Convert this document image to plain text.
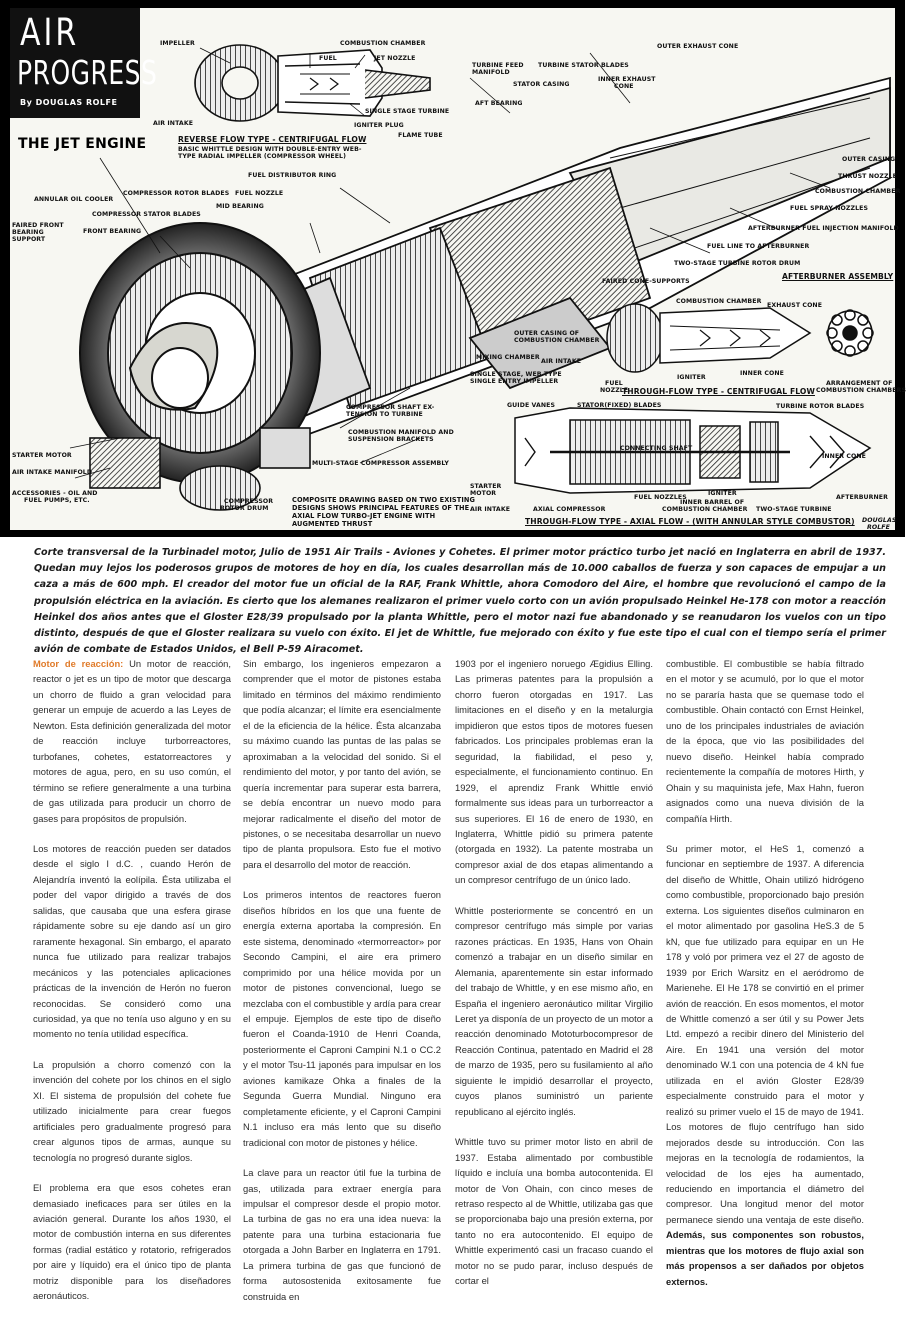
IMPELLER
FUEL
COMBUSTION CHAMBER
JET NOZZLE
AIR INTAKE
SINGLE STAGE TURBINE
IGNITER PLUG
FLAME TUBE
REVERSE FLOW TYPE - CENTRIFUGAL FLOW
BASIC WHITTLE DESIGN WITH DOUBLE-ENTRY WEB-
TYPE RADIAL IMPELLER (COMPRESSOR WHEEL)
TURBINE FEED
MANIFOLD
TURBINE STATOR BLADES
STATOR CASING
INNER EXHAUST
CONE
OUTER EXHAUST CONE
AFT BEARING
OUTER CASING
THRUST NOZZLE
COMBUSTION CHAMBER
FUEL SPRAY NOZZLES
AFTERBURNER FUEL INJECTION MANIFOLD
FUEL LINE TO AFTERBURNER
TWO-STAGE TURBINE ROTOR DRUM
FAIRED CONE-SUPPORTS
AFTERBURNER ASSEMBLY
FUEL DISTRIBUTOR RING
COMPRESSOR ROTOR BLADES FUEL NOZZLE
MID BEARING
ANNULAR OIL COOLER
COMPRESSOR STATOR BLADES
FAIRED FRONT
BEARING
SUPPORT
FRONT BEARING
COMBUSTION CHAMBER
EXHAUST CONE
OUTER CASING OF
COMBUSTION CHAMBER
MIXING CHAMBER
AIR INTAKE
SINGLE STAGE, WEB TYPE
SINGLE ENTRY IMPELLER	FUEL
NOZZLE
IGNITER
INNER CONE
ARRANGEMENT OF
COMBUSTION CHAMBERS
THROUGH-FLOW TYPE - CENTRIFUGAL FLOW
COMPRESSOR SHAFT EX-
TENSION TO TURBINE
COMBUSTION MANIFOLD AND
SUSPENSION BRACKETS
MULTI-STAGE COMPRESSOR ASSEMBLY
STARTER MOTOR
AIR INTAKE MANIFOLD
ACCESSORIES - OIL AND
FUEL PUMPS, ETC.	COMPRESSOR
ROTOR DRUM
COMPOSITE DRAWING BASED ON TWO EXISTING DESIGNS SHOWS PRINCIPAL FEATURES OF THE AXIAL FLOW TURBO-JET ENGINE WITH AUGMENTED THRUST
GUIDE VANES	STATOR(FIXED) BLADES	TURBINE ROTOR BLADES
CONNECTING SHAFT
INNER CONE
STARTER
MOTOR
FUEL NOZZLES
IGNITER
AIR INTAKE	AXIAL COMPRESSOR
INNER BARREL OF
COMBUSTION CHAMBER TWO-STAGE TURBINE
AFTERBURNER
THROUGH-FLOW TYPE - AXIAL FLOW - (WITH ANNULAR STYLE COMBUSTOR) DOUGLAS
ROLFE
AIR
PROGRESS
By DOUGLAS ROLFE
THE JET ENGINE

Corte transversal de la Turbinadel motor, Julio de 1951 Air Trails - Aviones y Cohetes. El primer motor práctico turbo jet nació en Inglaterra en abril de 1937. Quedan muy lejos los poderosos grupos de motores de hoy en día, los cuales desarrollan más de 10.000 caballos de fuerza y son capaces de empujar a un caza a más de 600 mph. El creador del motor fue un oficial de la RAF, Frank Whittle, ahora Comodoro del Aire, el hombre que revolucionó el campo de la propulsión eléctrica en la aviación. Es cierto que los alemanes realizaron el primer vuelo corto con un avión propulsado Heinkel He-178 con motor a reacción Heinkel dos años antes que el Gloster E28/39 propulsado por la planta Whittle, pero el motor nazi fue abandonado y se reanudaron los vuelos con un tipo distinto, después de que el Gloster realizara su vuelo con éxito. El jet de Whittle, fue mejorado con éxito y fue este tipo el cual con el tiempo sería el primer avión de combate de Estados Unidos, el Bell P-59 Airacomet.

Motor de reacción: Un motor de reacción, reactor o jet es un tipo de motor que descarga un chorro de fluido a gran velocidad para generar un empuje de acuerdo a las Leyes de Newton. Esta definición generalizada del motor de reacción incluye turborreactores, turbofanes, cohetes, estatorreactores y motores de agua, pero, en su uso común, el término se refiere generalmente a una turbina de gas utilizada para producir un chorro de gases para propósitos de propulsión.

Los motores de reacción pueden ser datados desde el siglo I d.C. , cuando Herón de Alejandría inventó la eolípila. Ésta utilizaba el poder del vapor dirigido a través de dos salidas, que causaba que una esfera girase rápidamente sobre su eje dando así un giro raramente hexagonal. Sin embargo, el aparato nunca fue utilizado para realizar trabajos mecánicos y las potenciales aplicaciones prácticas de la invención de Herón no fueron reconocidas. Se consideró como una curiosidad, ya que no tenía uso alguno y en su momento no tenía utilidad específica.

La propulsión a chorro comenzó con la invención del cohete por los chinos en el siglo XI. El sistema de propulsión del cohete fue utilizado inicialmente para crear fuegos artificiales pero gradualmente progresó para crear algunos tipos de armas, aunque su tecnología no progresó durante siglos.

El problema era que esos cohetes eran demasiado ineficaces para ser útiles en la aviación general. Durante los años 1930, el motor de combustión interna en sus diferentes formas (radial estático y rotatorio, refrigerados por aire y líquido) era el único tipo de planta motriz disponible para los diseñadores aeronáuticos.

Sin embargo, los ingenieros empezaron a comprender que el motor de pistones estaba limitado en términos del máximo rendimiento que podía alcanzar; el límite era esencialmente el de la eficiencia de la hélice. Ésta alcanzaba su máximo cuando las puntas de las palas se aproximaban a la velocidad del sonido. Si el rendimiento del motor, y por tanto del avión, se quería incrementar para superar esta barrera, se debía encontrar un nuevo modo para mejorar radicalmente el diseño del motor de pistones, o se necesitaba desarrollar un nuevo tipo de planta propulsora. Esto fue el motivo para el desarrollo del motor de reacción.

Los primeros intentos de reactores fueron diseños híbridos en los que una fuente de energía externa aportaba la compresión. En este sistema, denominado «termorreactor» por Secondo Campini, el aire era primero comprimido por una hélice movida por un motor de pistones convencional, luego se mezclaba con el combustible y ardía para crear el empuje. Ejemplos de este tipo de diseño fueron el Coanda-1910 de Henri Coanda, posteriormente el Caproni Campini N.1 o CC.2 y el motor Tsu-11 japonés para impulsar en los aviones kamikaze Ohka a finales de la Segunda Guerra Mundial. Ninguno era completamente eficiente, y el Caproni Campini N.1 incluso era más lento que su diseño tradicional con motor de pistones y hélice.

La clave para un reactor útil fue la turbina de gas, utilizada para extraer energía para impulsar el compresor desde el propio motor. La turbina de gas no era una idea nueva: la patente para una turbina estacionaria fue otorgada a John Barber en Inglaterra en 1791. La primera turbina de gas que funcionó de forma autosostenida exitosamente fue construida en

1903 por el ingeniero noruego Ægidius Elling. Las primeras patentes para la propulsión a chorro fueron otorgadas en 1917. Las limitaciones en el diseño y en la metalurgia impidieron que estos tipos de motores fuesen fabricados. Los principales problemas eran la seguridad, la fiabilidad, el peso y, especialmente, el funcionamiento continuo. En 1929, el aprendiz Frank Whittle envió formalmente sus ideas para un turborreactor a sus superiores. El 16 de enero de 1930, en Inglaterra, Whittle pidió su primera patente (otorgada en 1932). La patente mostraba un compresor axial de dos etapas alimentando a un compresor centrífugo de un único lado.

Whittle posteriormente se concentró en un compresor centrífugo más simple por varias razones prácticas. En 1935, Hans von Ohain comenzó a trabajar en un diseño similar en Alemania, aparentemente sin estar informado del trabajo de Whittle, y en ese mismo año, en España el ingeniero aeronáutico militar Virgilio Leret ya disponía de un proyecto de un motor a reacción denominado Mototurbocompresor de Reacción Continua, patentado en Madrid el 28 de marzo de 1935, pero su fusilamiento al año siguiente le impidió desarrollar el proyecto, cuyos planos suministró un pariente republicano al ejército inglés.

Whittle tuvo su primer motor listo en abril de 1937. Estaba alimentado por combustible líquido e incluía una bomba autocontenida. El motor de Von Ohain, con cinco meses de retraso respecto al de Whittle, utilizaba gas que se proporcionaba bajo una presión externa, por tanto no era autocontenido. El equipo de Whittle experimentó casi un fracaso cuando el motor no se pudo parar, incluso después de cortar el

combustible. El combustible se había filtrado en el motor y se acumuló, por lo que el motor no se pararía hasta que se quemase todo el combustible. Ohain contactó con Ernst Heinkel, uno de los principales industriales de aviación de la época, que vio las posibilidades del nuevo diseño. Heinkel había comprado recientemente la compañía de motores Hirth, y Ohain y su maquinista jefe, Max Hahn, fueron asignados como una nueva división de la compañía Hirth.

Su primer motor, el HeS 1, comenzó a funcionar en septiembre de 1937. A diferencia del diseño de Whittle, Ohain utilizó hidrógeno como combustible, proporcionado bajo presión externa. Los siguientes diseños culminaron en el motor alimentado por gasolina HeS.3 de 5 kN, que fue utilizado para equipar en un He 178 y voló por primera vez el 27 de agosto de 1939 por Erich Warsitz en el aeródromo de Marienehe. El He 178 se convirtió en el primer avión de reacción. En esos momentos, el motor de Whittle comenzó a ser útil y su Power Jets Ltd. empezó a recibir dinero del Ministerio del Aire. En 1941 una versión del motor denominado W.1 con una potencia de 4 kN fue utilizada en el avión Gloster E28/39 especialmente construido para el motor y realizó su primer vuelo el 15 de mayo de 1941. Los motores de flujo centrífugo han sido mejorados desde su introducción. Con las mejoras en la tecnología de rodamientos, la velocidad de los ejes ha aumentado, reduciendo en importancia el diámetro del compresor. Una longitud menor del motor permanece siendo una ventaja de este diseño. Además, sus componentes son robustos, mientras que los motores de flujo axial son más propensos a ser dañados por objetos externos.
